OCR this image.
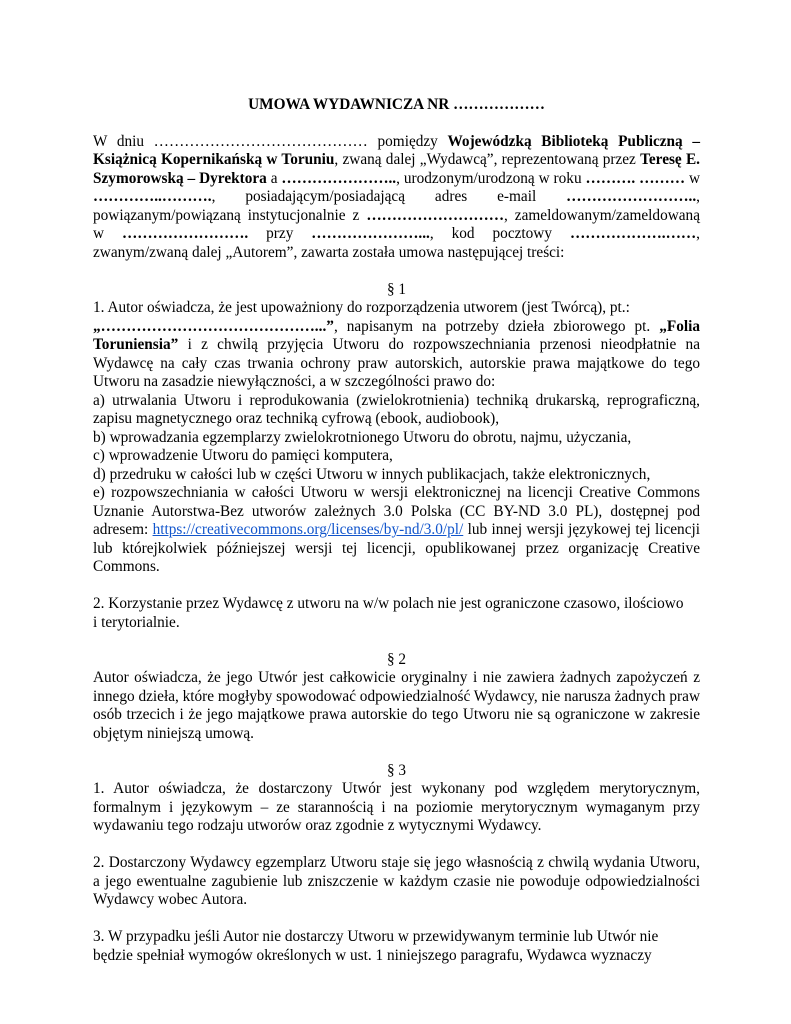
UMOWA WYDAWNICZA NR ………………

W dniu …………………………………… pomiędzy Wojewódzką Biblioteką Publiczną – Książnicą Kopernikańską w Toruniu, zwaną dalej „Wydawcą”, reprezentowaną przez Teresę E. Szymorowską – Dyrektora a ………………….., urodzonym/urodzoną w roku ………. ……… w …………..………., posiadającym/posiadającą adres e-mail …………………….., powiązanym/powiązaną instytucjonalnie z ………………………, zameldowanym/zameldowaną w ……………………. przy …………………..., kod pocztowy ……………….……, zwanym/zwaną dalej „Autorem”, zawarta została umowa następującej treści:

§ 1

1. Autor oświadcza, że jest upoważniony do rozporządzenia utworem (jest Twórcą), pt.:

„……………………………………...”, napisanym na potrzeby dzieła zbiorowego pt. „Folia Toruniensia” i z chwilą przyjęcia Utworu do rozpowszechniania przenosi nieodpłatnie na Wydawcę na cały czas trwania ochrony praw autorskich, autorskie prawa majątkowe do tego Utworu na zasadzie niewyłączności, a w szczególności prawo do:

a) utrwalania Utworu i reprodukowania (zwielokrotnienia) techniką drukarską, reprograficzną, zapisu magnetycznego oraz techniką cyfrową (ebook, audiobook),

b) wprowadzania egzemplarzy zwielokrotnionego Utworu do obrotu, najmu, użyczania,

c) wprowadzenie Utworu do pamięci komputera,

d) przedruku w całości lub w części Utworu w innych publikacjach, także elektronicznych,

e) rozpowszechniania w całości Utworu w wersji elektronicznej na licencji Creative Commons Uznanie Autorstwa-Bez utworów zależnych 3.0 Polska (CC BY-ND 3.0 PL), dostępnej pod adresem: https://creativecommons.org/licenses/by-nd/3.0/pl/ lub innej wersji językowej tej licencji lub którejkolwiek późniejszej wersji tej licencji, opublikowanej przez organizację Creative Commons.

2. Korzystanie przez Wydawcę z utworu na w/w polach nie jest ograniczone czasowo, ilościowo

i terytorialnie.

§ 2

Autor oświadcza, że jego Utwór jest całkowicie oryginalny i nie zawiera żadnych zapożyczeń z innego dzieła, które mogłyby spowodować odpowiedzialność Wydawcy, nie narusza żadnych praw osób trzecich i że jego majątkowe prawa autorskie do tego Utworu nie są ograniczone w zakresie objętym niniejszą umową.

§ 3

1. Autor oświadcza, że dostarczony Utwór jest wykonany pod względem merytorycznym, formalnym i językowym – ze starannością i na poziomie merytorycznym wymaganym przy wydawaniu tego rodzaju utworów oraz zgodnie z wytycznymi Wydawcy.

2. Dostarczony Wydawcy egzemplarz Utworu staje się jego własnością z chwilą wydania Utworu, a jego ewentualne zagubienie lub zniszczenie w każdym czasie nie powoduje odpowiedzialności Wydawcy wobec Autora.

3. W przypadku jeśli Autor nie dostarczy Utworu w przewidywanym terminie lub Utwór nie

będzie spełniał wymogów określonych w ust. 1 niniejszego paragrafu, Wydawca wyznaczy
